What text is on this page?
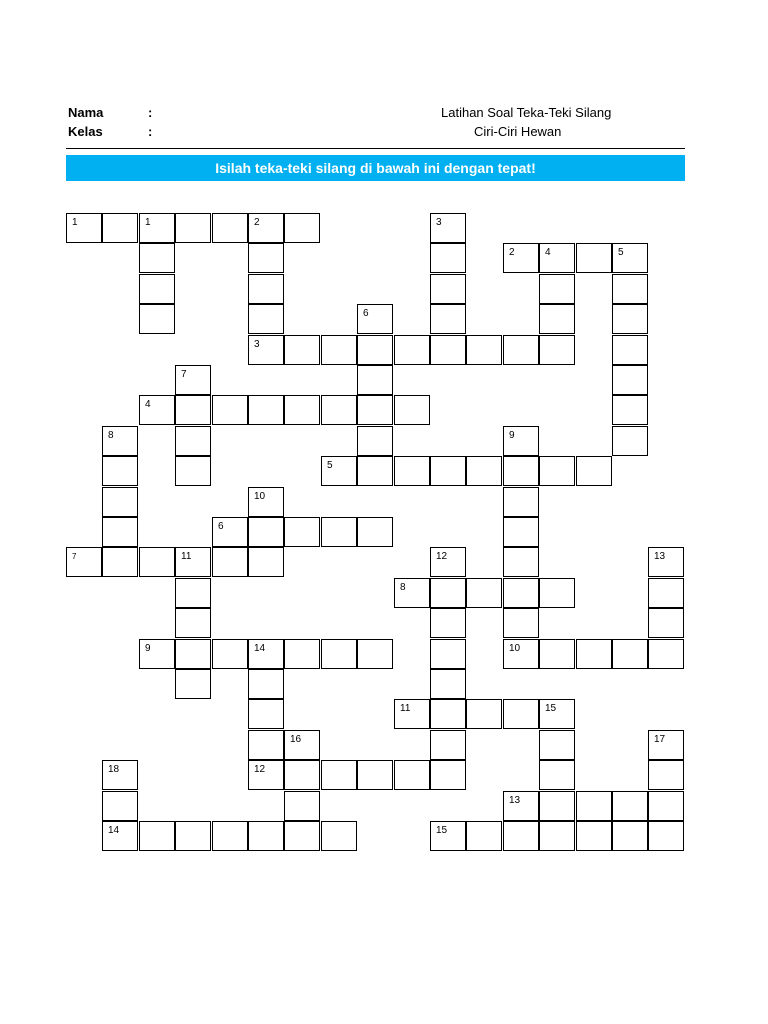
Nama	:
Kelas	:
Latihan Soal Teka-Teki Silang
Ciri-Ciri Hewan
Isilah teka-teki silang di bawah ini dengan tepat!
1
2
3
4
5
6
7
8
9	10
11
12
13
14	15
1	2	3
4	5
6
7
8	9
10
11	12	13
14
15
16	17
18
